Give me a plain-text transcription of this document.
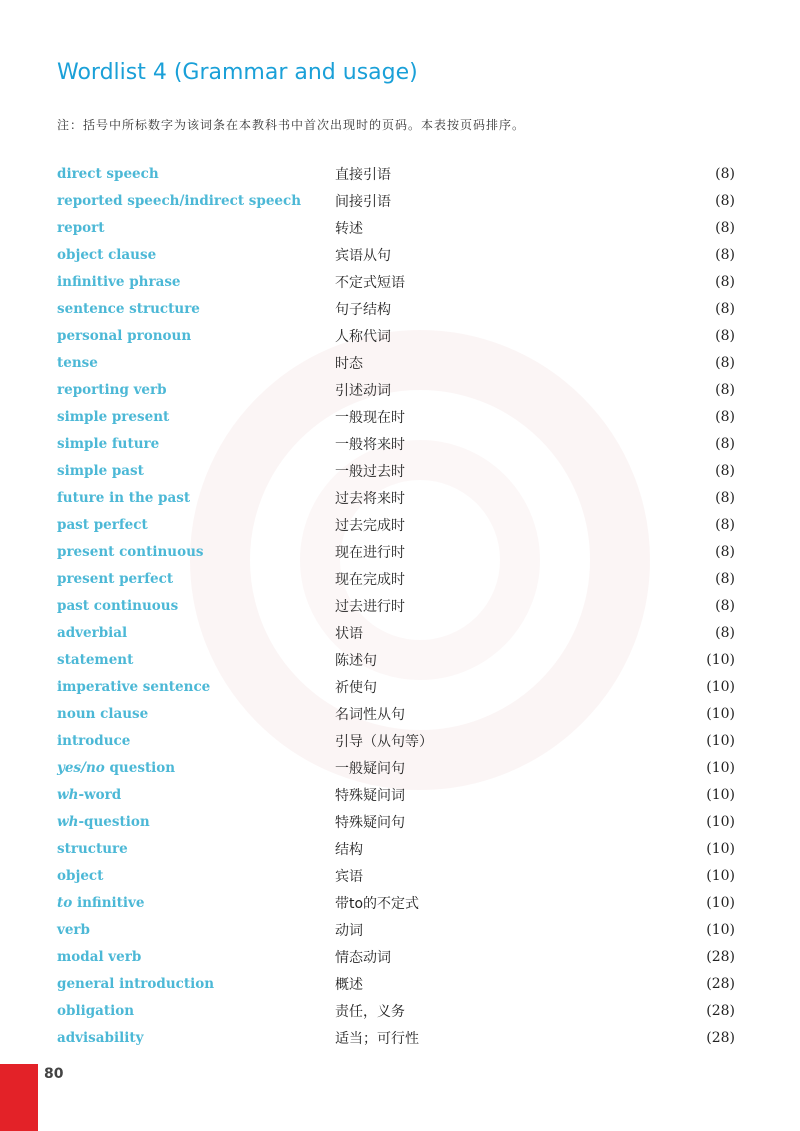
Wordlist 4 (Grammar and usage)
注：括号中所标数字为该词条在本教科书中首次出现时的页码。本表按页码排序。
direct speech	直接引语	(8)
reported speech/indirect speech	间接引语	(8)
report	转述	(8)
object clause	宾语从句	(8)
infinitive phrase	不定式短语	(8)
sentence structure	句子结构	(8)
personal pronoun	人称代词	(8)
tense	时态	(8)
reporting verb	引述动词	(8)
simple present	一般现在时	(8)
simple future	一般将来时	(8)
simple past	一般过去时	(8)
future in the past	过去将来时	(8)
past perfect	过去完成时	(8)
present continuous	现在进行时	(8)
present perfect	现在完成时	(8)
past continuous	过去进行时	(8)
adverbial	状语	(8)
statement	陈述句	(10)
imperative sentence	祈使句	(10)
noun clause	名词性从句	(10)
introduce	引导（从句等）	(10)
yes/no question	一般疑问句	(10)
wh-word	特殊疑问词	(10)
wh-question	特殊疑问句	(10)
structure	结构	(10)
object	宾语	(10)
to infinitive	带to的不定式	(10)
verb	动词	(10)
modal verb	情态动词	(28)
general introduction	概述	(28)
obligation	责任，义务	(28)
advisability	适当；可行性	(28)
80
